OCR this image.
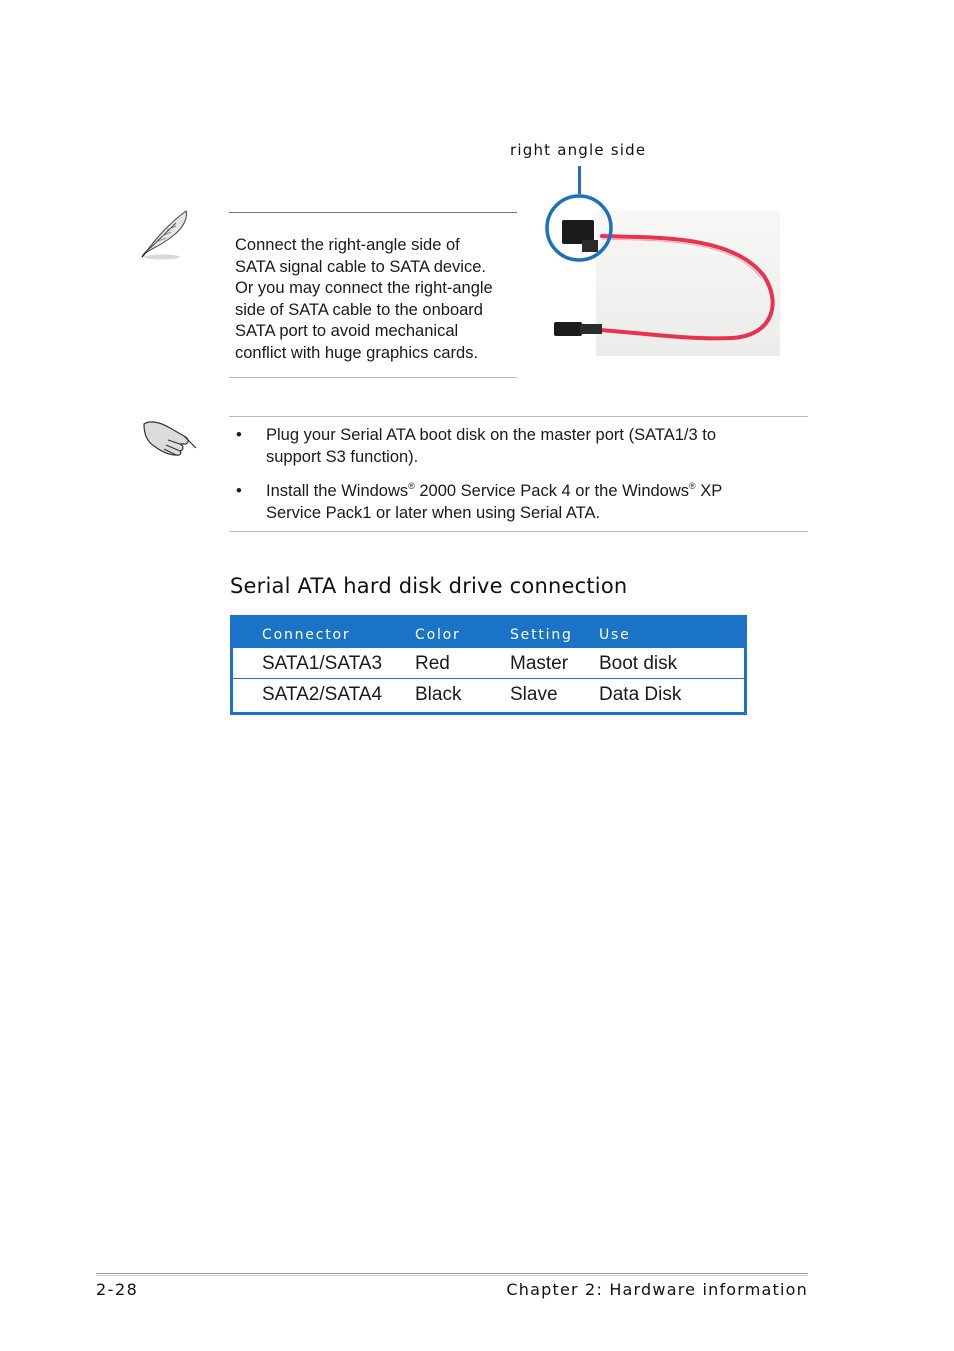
right angle side
Connect the right-angle side of
SATA signal cable to SATA device.
Or you may connect the right-angle
side of SATA cable to the onboard
SATA port to avoid mechanical
conflict with huge graphics cards.
• Plug your Serial ATA boot disk on the master port (SATA1/3 to
support S3 function).
• Install the Windows® 2000 Service Pack 4 or the Windows® XP
Service Pack1 or later when using Serial ATA.
Serial ATA hard disk drive connection
Connector	Color	Setting	Use
SATA1/SATA3	Red	Master	Boot disk
SATA2/SATA4	Black	Slave	Data Disk
2-28	Chapter 2: Hardware information
